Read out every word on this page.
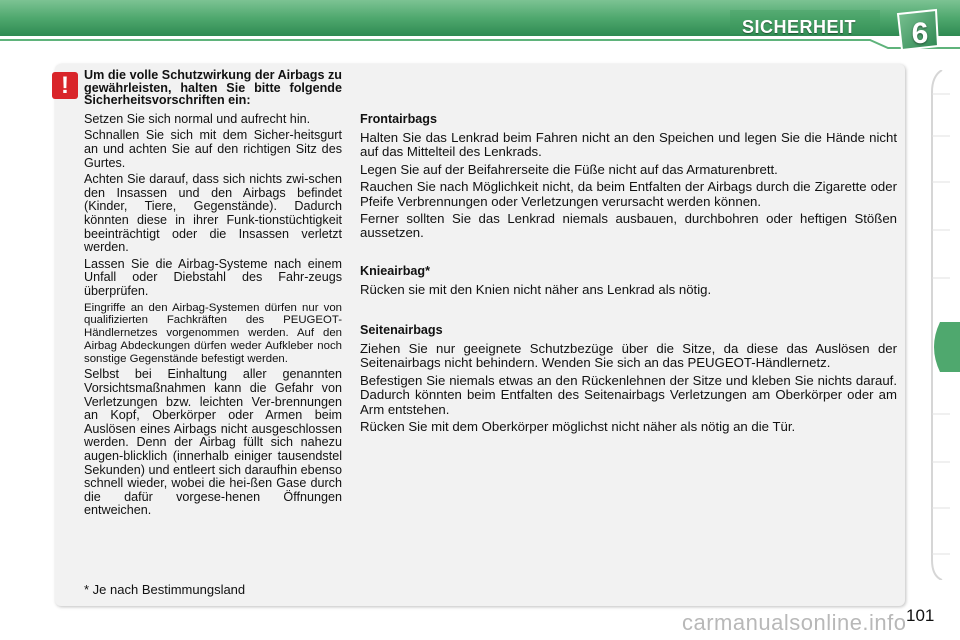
SICHERHEIT 6
!	Um die volle Schutzwirkung der Airbags zu gewährleisten, halten Sie bitte folgende Sicherheitsvorschriften ein:

Setzen Sie sich normal und aufrecht hin.

Schnallen Sie sich mit dem Sicher-heitsgurt an und achten Sie auf den richtigen Sitz des Gurtes.

Achten Sie darauf, dass sich nichts zwi-schen den Insassen und den Airbags befindet (Kinder, Tiere, Gegenstände). Dadurch könnten diese in ihrer Funk-tionstüchtigkeit beeinträchtigt oder die Insassen verletzt werden.

Lassen Sie die Airbag-Systeme nach einem Unfall oder Diebstahl des Fahr-zeugs überprüfen.

Eingriffe an den Airbag-Systemen dürfen nur von qualifizierten Fachkräften des PEUGEOT-Händlernetzes vorgenommen werden. Auf den Airbag Abdeckungen dürfen weder Aufkleber noch sonstige Gegenstände befestigt werden.

Selbst bei Einhaltung aller genannten Vorsichtsmaßnahmen kann die Gefahr von Verletzungen bzw. leichten Ver-brennungen an Kopf, Oberkörper oder Armen beim Auslösen eines Airbags nicht ausgeschlossen werden. Denn der Airbag füllt sich nahezu augen-blicklich (innerhalb einiger tausendstel Sekunden) und entleert sich daraufhin ebenso schnell wieder, wobei die hei-ßen Gase durch die dafür vorgese-henen Öffnungen entweichen.

* Je nach Bestimmungsland
Frontairbags

Halten Sie das Lenkrad beim Fahren nicht an den Speichen und legen Sie die Hände nicht auf das Mittelteil des Lenkrads.

Legen Sie auf der Beifahrerseite die Füße nicht auf das Armaturenbrett.

Rauchen Sie nach Möglichkeit nicht, da beim Entfalten der Airbags durch die Zigarette oder Pfeife Verbrennungen oder Verletzungen verursacht werden können.

Ferner sollten Sie das Lenkrad niemals ausbauen, durchbohren oder heftigen Stößen aussetzen.

Knieairbag*

Rücken sie mit den Knien nicht näher ans Lenkrad als nötig.

Seitenairbags

Ziehen Sie nur geeignete Schutzbezüge über die Sitze, da diese das Auslösen der Seitenairbags nicht behindern. Wenden Sie sich an das PEUGEOT-Händlernetz.

Befestigen Sie niemals etwas an den Rückenlehnen der Sitze und kleben Sie nichts darauf. Dadurch könnten beim Entfalten des Seitenairbags Verletzungen am Oberkörper oder am Arm entstehen.

Rücken Sie mit dem Oberkörper möglichst nicht näher als nötig an die Tür.

carmanualsonline.info 101
